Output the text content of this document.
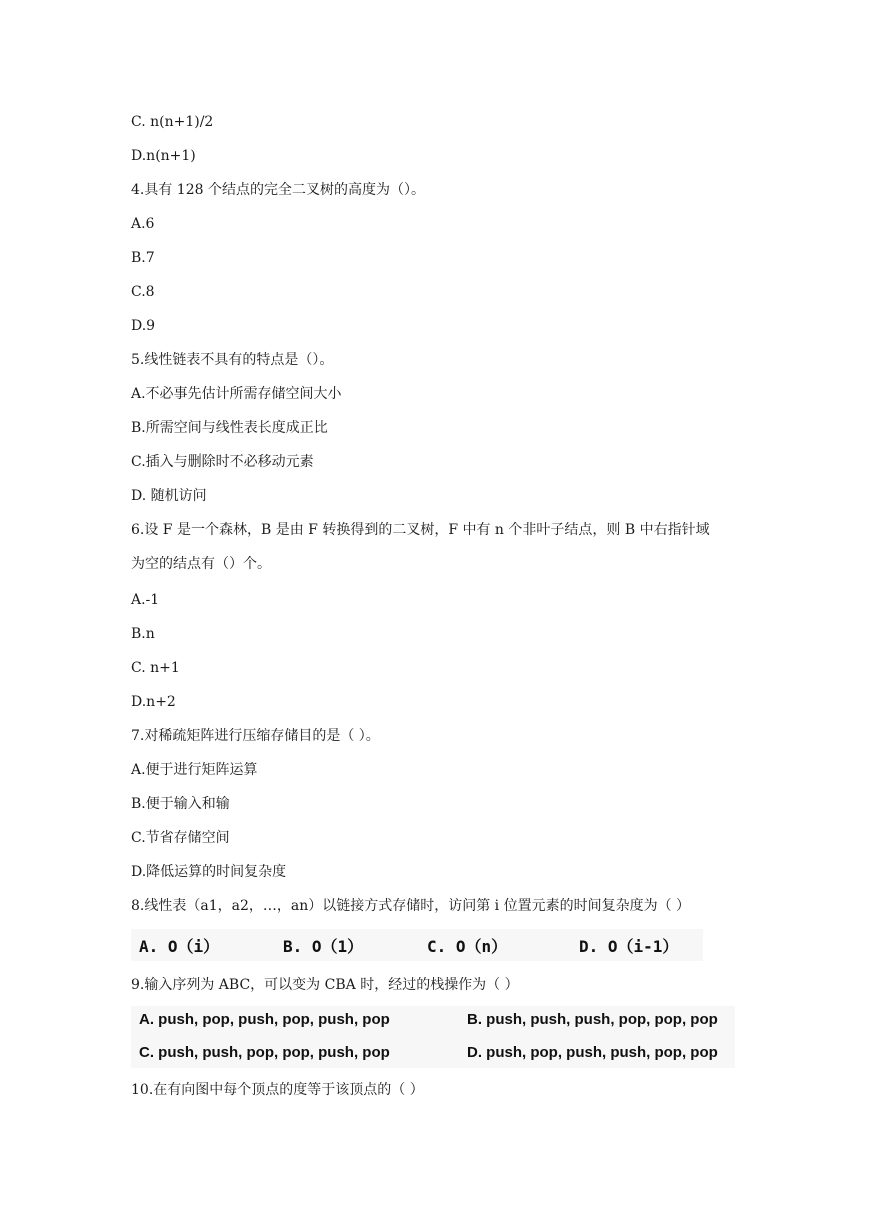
C. n(n+1)/2
D.n(n+1)
4.具有 128 个结点的完全二叉树的高度为（）。
A.6
B.7
C.8
D.9
5.线性链表不具有的特点是（）。
A.不必事先估计所需存储空间大小
B.所需空间与线性表长度成正比
C.插入与删除时不必移动元素
D. 随机访问
6.设 F 是一个森林，B 是由 F 转换得到的二叉树，F 中有 n 个非叶子结点，则 B 中右指针域
为空的结点有（）个。
A.-1
B.n
C. n+1
D.n+2
7.对稀疏矩阵进行压缩存储目的是（ ）。
A.便于进行矩阵运算
B.便于输入和输
C.节省存储空间
D.降低运算的时间复杂度
8.线性表（a1，a2，…，an）以链接方式存储时，访问第 i 位置元素的时间复杂度为（ ）
A. O（i）	B. O（1）	C. O（n）	D. O（i-1）
9.输入序列为 ABC，可以变为 CBA 时，经过的栈操作为（ ）
A. push, pop, push, pop, push, pop	B. push, push, push, pop, pop, pop
C. push, push, pop, pop, push, pop	D. push, pop, push, push, pop, pop
10.在有向图中每个顶点的度等于该顶点的（ ）
